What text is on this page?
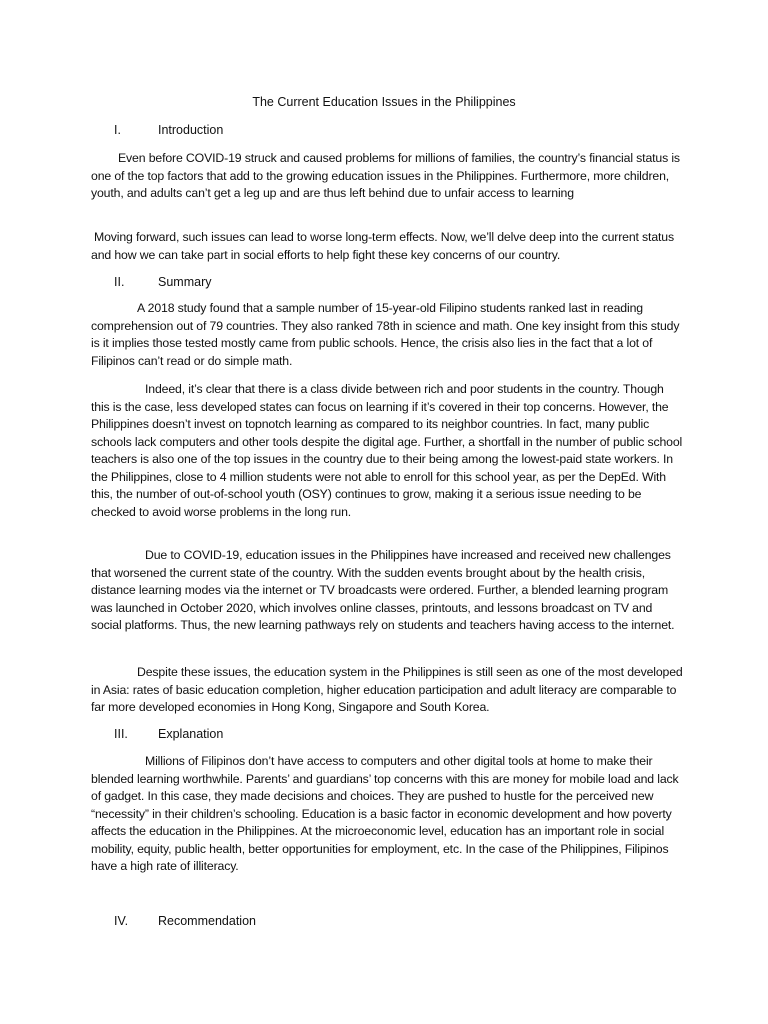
The Current Education Issues in the Philippines
I.	Introduction

Even before COVID-19 struck and caused problems for millions of families, the country’s financial status is one of the top factors that add to the growing education issues in the Philippines. Furthermore, more children, youth, and adults can’t get a leg up and are thus left behind due to unfair access to learning

Moving forward, such issues can lead to worse long-term effects. Now, we’ll delve deep into the current status and how we can take part in social efforts to help fight these key concerns of our country.

II.	Summary

A 2018 study found that a sample number of 15-year-old Filipino students ranked last in reading comprehension out of 79 countries. They also ranked 78th in science and math. One key insight from this study is it implies those tested mostly came from public schools. Hence, the crisis also lies in the fact that a lot of Filipinos can’t read or do simple math.

Indeed, it’s clear that there is a class divide between rich and poor students in the country. Though this is the case, less developed states can focus on learning if it’s covered in their top concerns. However, the Philippines doesn’t invest on topnotch learning as compared to its neighbor countries. In fact, many public schools lack computers and other tools despite the digital age. Further, a shortfall in the number of public school teachers is also one of the top issues in the country due to their being among the lowest-paid state workers. In the Philippines, close to 4 million students were not able to enroll for this school year, as per the DepEd. With this, the number of out-of-school youth (OSY) continues to grow, making it a serious issue needing to be checked to avoid worse problems in the long run.

Due to COVID-19, education issues in the Philippines have increased and received new challenges that worsened the current state of the country. With the sudden events brought about by the health crisis, distance learning modes via the internet or TV broadcasts were ordered. Further, a blended learning program was launched in October 2020, which involves online classes, printouts, and lessons broadcast on TV and social platforms. Thus, the new learning pathways rely on students and teachers having access to the internet.

Despite these issues, the education system in the Philippines is still seen as one of the most developed in Asia: rates of basic education completion, higher education participation and adult literacy are comparable to far more developed economies in Hong Kong, Singapore and South Korea.

III. Explanation

Millions of Filipinos don’t have access to computers and other digital tools at home to make their blended learning worthwhile. Parents’ and guardians’ top concerns with this are money for mobile load and lack of gadget. In this case, they made decisions and choices. They are pushed to hustle for the perceived new “necessity” in their children’s schooling. Education is a basic factor in economic development and how poverty affects the education in the Philippines. At the microeconomic level, education has an important role in social mobility, equity, public health, better opportunities for employment, etc. In the case of the Philippines, Filipinos have a high rate of illiteracy.

IV. Recommendation
